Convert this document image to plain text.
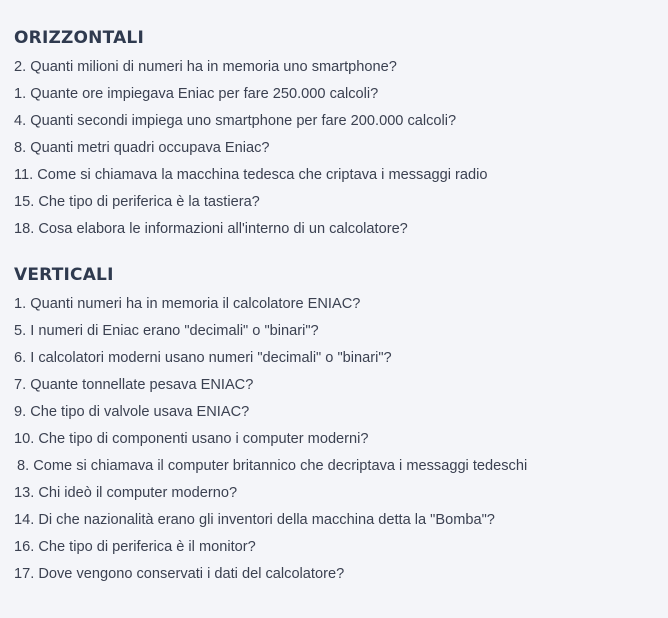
ORIZZONTALI
2. Quanti milioni di numeri ha in memoria uno smartphone?
1. Quante ore impiegava Eniac per fare 250.000 calcoli?
4. Quanti secondi impiega uno smartphone per fare 200.000 calcoli?
8. Quanti metri quadri occupava Eniac?
11. Come si chiamava la macchina tedesca che criptava i messaggi radio
15. Che tipo di periferica è la tastiera?
18. Cosa elabora le informazioni all'interno di un calcolatore?
VERTICALI
1. Quanti numeri ha in memoria il calcolatore ENIAC?
5. I numeri di Eniac erano "decimali" o "binari"?
6. I calcolatori moderni usano numeri "decimali" o "binari"?
7. Quante tonnellate pesava ENIAC?
9. Che tipo di valvole usava ENIAC?
10. Che tipo di componenti usano i computer moderni?
8. Come si chiamava il computer britannico che decriptava i messaggi tedeschi
13. Chi ideò il computer moderno?
14. Di che nazionalità erano gli inventori della macchina detta la "Bomba"?
16. Che tipo di periferica è il monitor?
17. Dove vengono conservati i dati del calcolatore?
